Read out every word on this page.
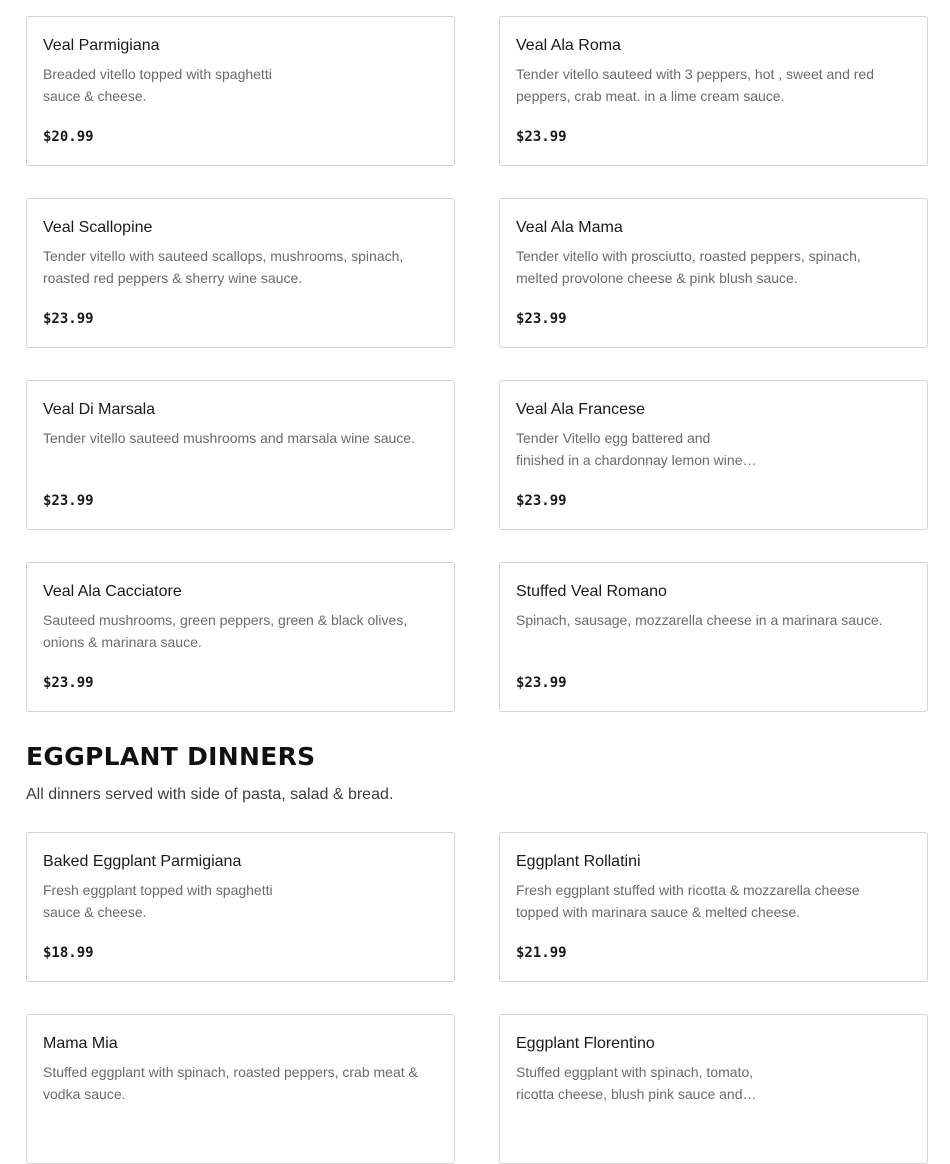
Veal Parmigiana
Breaded vitello topped with spaghetti
sauce & cheese.
$20.99
Veal Ala Roma
Tender vitello sauteed with 3 peppers, hot , sweet and red
peppers, crab meat. in a lime cream sauce.
$23.99
Veal Scallopine
Tender vitello with sauteed scallops, mushrooms, spinach,
roasted red peppers & sherry wine sauce.
$23.99
Veal Ala Mama
Tender vitello with prosciutto, roasted peppers, spinach,
melted provolone cheese & pink blush sauce.
$23.99
Veal Di Marsala
Tender vitello sauteed mushrooms and marsala wine sauce.
$23.99
Veal Ala Francese
Tender Vitello egg battered and
finished in a chardonnay lemon wine…
$23.99
Veal Ala Cacciatore
Sauteed mushrooms, green peppers, green & black olives,
onions & marinara sauce.
$23.99
Stuffed Veal Romano
Spinach, sausage, mozzarella cheese in a marinara sauce.
$23.99
EGGPLANT DINNERS

All dinners served with side of pasta, salad & bread.

Baked Eggplant Parmigiana
Fresh eggplant topped with spaghetti
sauce & cheese.
$18.99
Eggplant Rollatini
Fresh eggplant stuffed with ricotta & mozzarella cheese
topped with marinara sauce & melted cheese.
$21.99
Mama Mia
Stuffed eggplant with spinach, roasted peppers, crab meat &
vodka sauce.
Eggplant Florentino
Stuffed eggplant with spinach, tomato,
ricotta cheese, blush pink sauce and…
